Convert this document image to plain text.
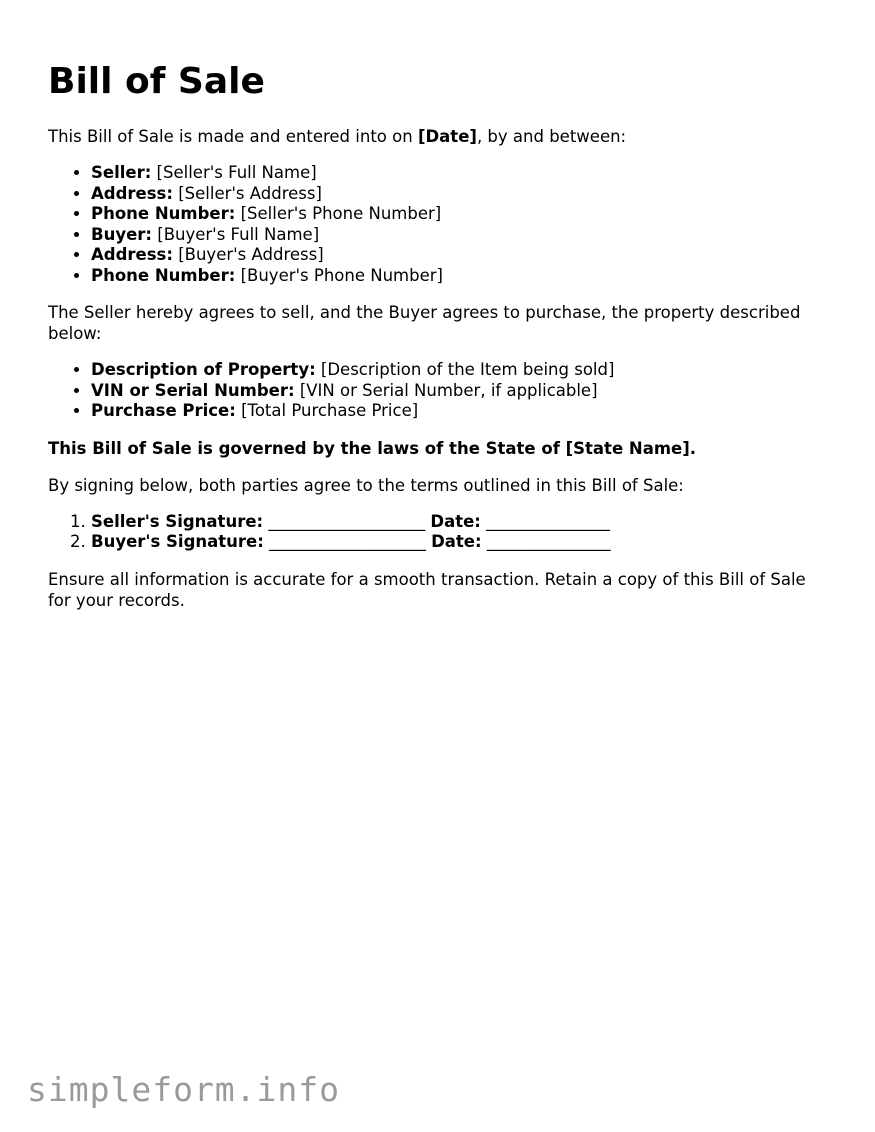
Bill of Sale

This Bill of Sale is made and entered into on [Date], by and between:

• Seller: [Seller's Full Name]
• Address: [Seller's Address]
• Phone Number: [Seller's Phone Number]
• Buyer: [Buyer's Full Name]
• Address: [Buyer's Address]
• Phone Number: [Buyer's Phone Number]

The Seller hereby agrees to sell, and the Buyer agrees to purchase, the property described below:

• Description of Property: [Description of the Item being sold]
• VIN or Serial Number: [VIN or Serial Number, if applicable]
• Purchase Price: [Total Purchase Price]

This Bill of Sale is governed by the laws of the State of [State Name].

By signing below, both parties agree to the terms outlined in this Bill of Sale:

1. Seller's Signature: ___________________ Date: _______________
2. Buyer's Signature: ___________________ Date: _______________

Ensure all information is accurate for a smooth transaction. Retain a copy of this Bill of Sale for your records.

simpleform.info
